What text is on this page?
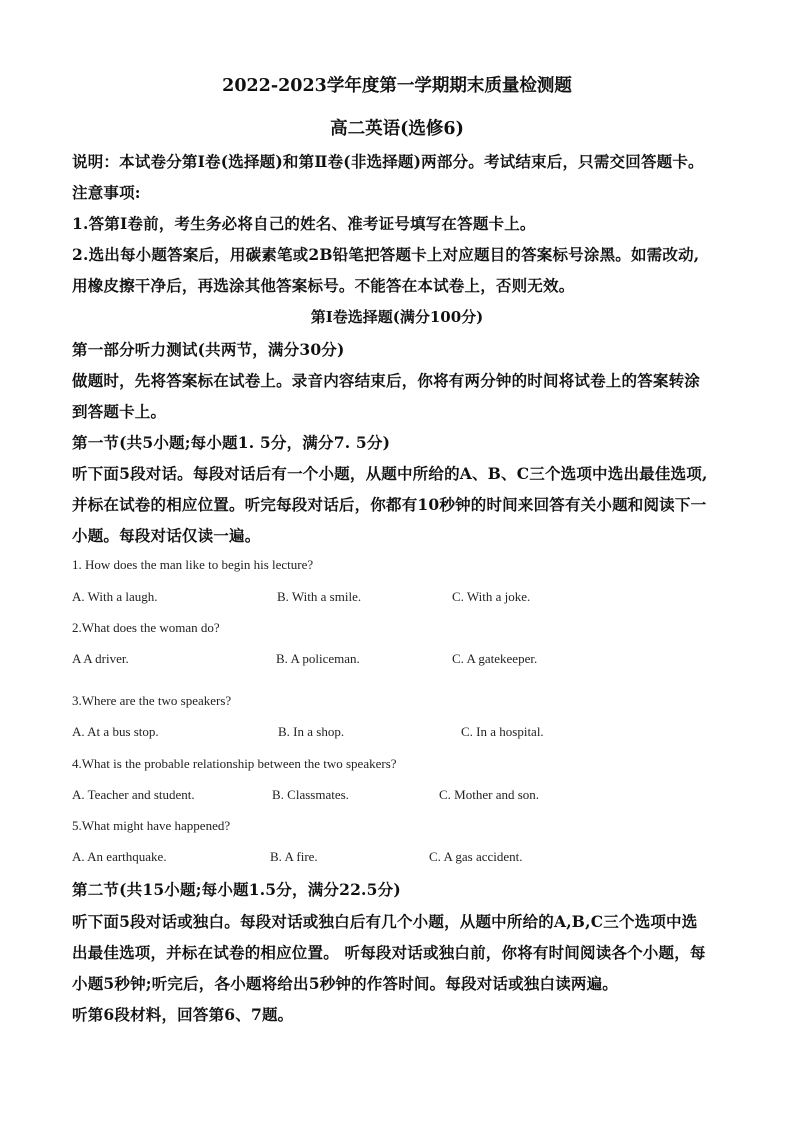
2022-2023学年度第一学期期末质量检测题
高二英语(选修6)
说明：本试卷分第Ⅰ卷(选择题)和第Ⅱ卷(非选择题)两部分。考试结束后，只需交回答题卡。
注意事项:
1.答第Ⅰ卷前，考生务必将自己的姓名、准考证号填写在答题卡上。
2.选出每小题答案后，用碳素笔或2B铅笔把答题卡上对应题目的答案标号涂黑。如需改动,
用橡皮擦干净后，再选涂其他答案标号。不能答在本试卷上，否则无效。
第Ⅰ卷选择题(满分100分)
第一部分听力测试(共两节，满分30分)
做题时，先将答案标在试卷上。录音内容结束后，你将有两分钟的时间将试卷上的答案转涂
到答题卡上。
第一节(共5小题;每小题1. 5分，满分7. 5分)
听下面5段对话。每段对话后有一个小题，从题中所给的A、B、C三个选项中选出最佳选项,
并标在试卷的相应位置。听完每段对话后，你都有10秒钟的时间来回答有关小题和阅读下一
小题。每段对话仅读一遍。
1. How does the man like to begin his lecture?
A. With a laugh.	B. With a smile.	C. With a joke.
2.What does the woman do?
A A driver.	B. A policeman.	C. A gatekeeper.
3.Where are the two speakers?
A. At a bus stop.	B. In a shop.	C. In a hospital.
4.What is the probable relationship between the two speakers?
A. Teacher and student.	B. Classmates.	C. Mother and son.
5.What might have happened?
A. An earthquake.	B. A fire.	C. A gas accident.
第二节(共15小题;每小题1.5分，满分22.5分)
听下面5段对话或独白。每段对话或独白后有几个小题，从题中所给的A,B,C三个选项中选
出最佳选项，并标在试卷的相应位置。 听每段对话或独白前，你将有时间阅读各个小题，每
小题5秒钟;听完后，各小题将给出5秒钟的作答时间。每段对话或独白读两遍。
听第6段材料，回答第6、7题。
